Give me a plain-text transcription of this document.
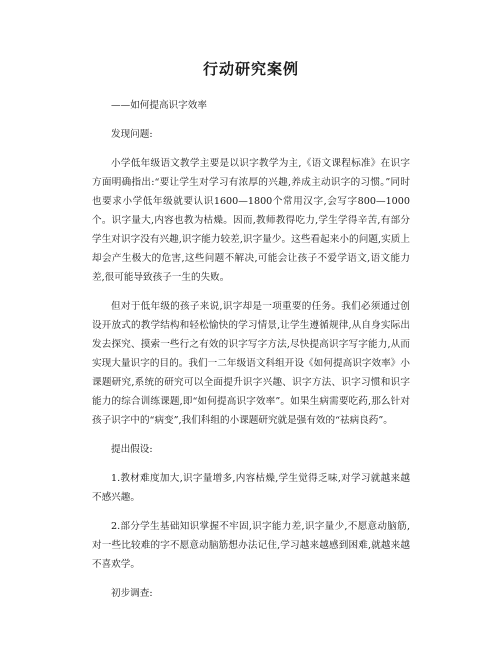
行动研究案例

——如何提高识字效率

发现问题:

小学低年级语文教学主要是以识字教学为主,《语文课程标准》在识字方面明确指出:“要让学生对学习有浓厚的兴趣,养成主动识字的习惯。”同时也要求小学低年级就要认识1600—1800个常用汉字,会写字800—1000个。识字量大,内容也教为枯燥。因而,教师教得吃力,学生学得辛苦,有部分学生对识字没有兴趣,识字能力较差,识字量少。这些看起来小的问题,实质上却会产生极大的危害,这些问题不解决,可能会让孩子不爱学语文,语文能力差,很可能导致孩子一生的失败。

但对于低年级的孩子来说,识字却是一项重要的任务。我们必须通过创设开放式的教学结构和轻松愉快的学习情景,让学生遵循规律,从自身实际出发去探究、摸索一些行之有效的识字写字方法,尽快提高识字写字能力,从而实现大量识字的目的。我们一二年级语文科组开设《如何提高识字效率》小课题研究,系统的研究可以全面提升识字兴趣、识字方法、识字习惯和识字能力的综合训练课题,即“如何提高识字效率”。如果生病需要吃药,那么针对孩子识字中的“病变”,我们科组的小课题研究就是强有效的“祛病良药”。

提出假设:

1.教材难度加大,识字量增多,内容枯燥,学生觉得乏味,对学习就越来越不感兴趣。

2.部分学生基础知识掌握不牢固,识字能力差,识字量少,不愿意动脑筋,对一些比较难的字不愿意动脑筋想办法记住,学习越来越感到困难,就越来越不喜欢学。

初步调查:
